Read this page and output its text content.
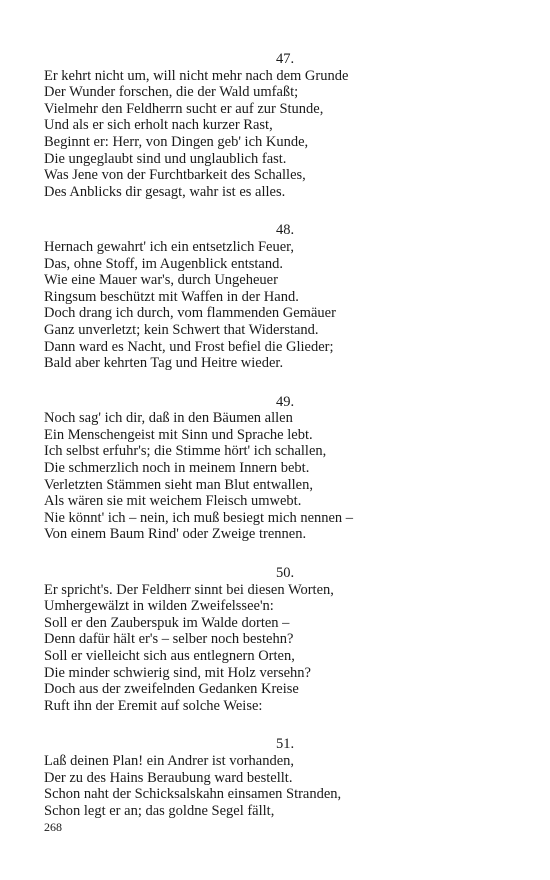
47.
Er kehrt nicht um, will nicht mehr nach dem Grunde
Der Wunder forschen, die der Wald umfaßt;
Vielmehr den Feldherrn sucht er auf zur Stunde,
Und als er sich erholt nach kurzer Rast,
Beginnt er: Herr, von Dingen geb' ich Kunde,
Die ungeglaubt sind und unglaublich fast.
Was Jene von der Furchtbarkeit des Schalles,
Des Anblicks dir gesagt, wahr ist es alles.
48.
Hernach gewahrt' ich ein entsetzlich Feuer,
Das, ohne Stoff, im Augenblick entstand.
Wie eine Mauer war's, durch Ungeheuer
Ringsum beschützt mit Waffen in der Hand.
Doch drang ich durch, vom flammenden Gemäuer
Ganz unverletzt; kein Schwert that Widerstand.
Dann ward es Nacht, und Frost befiel die Glieder;
Bald aber kehrten Tag und Heitre wieder.
49.
Noch sag' ich dir, daß in den Bäumen allen
Ein Menschengeist mit Sinn und Sprache lebt.
Ich selbst erfuhr's; die Stimme hört' ich schallen,
Die schmerzlich noch in meinem Innern bebt.
Verletzten Stämmen sieht man Blut entwallen,
Als wären sie mit weichem Fleisch umwebt.
Nie könnt' ich – nein, ich muß besiegt mich nennen –
Von einem Baum Rind' oder Zweige trennen.
50.
Er spricht's. Der Feldherr sinnt bei diesen Worten,
Umhergewälzt in wilden Zweifelssee'n:
Soll er den Zauberspuk im Walde dorten –
Denn dafür hält er's – selber noch bestehn?
Soll er vielleicht sich aus entlegnern Orten,
Die minder schwierig sind, mit Holz versehn?
Doch aus der zweifelnden Gedanken Kreise
Ruft ihn der Eremit auf solche Weise:
51.
Laß deinen Plan! ein Andrer ist vorhanden,
Der zu des Hains Beraubung ward bestellt.
Schon naht der Schicksalskahn einsamen Stranden,
Schon legt er an; das goldne Segel fällt,
268
